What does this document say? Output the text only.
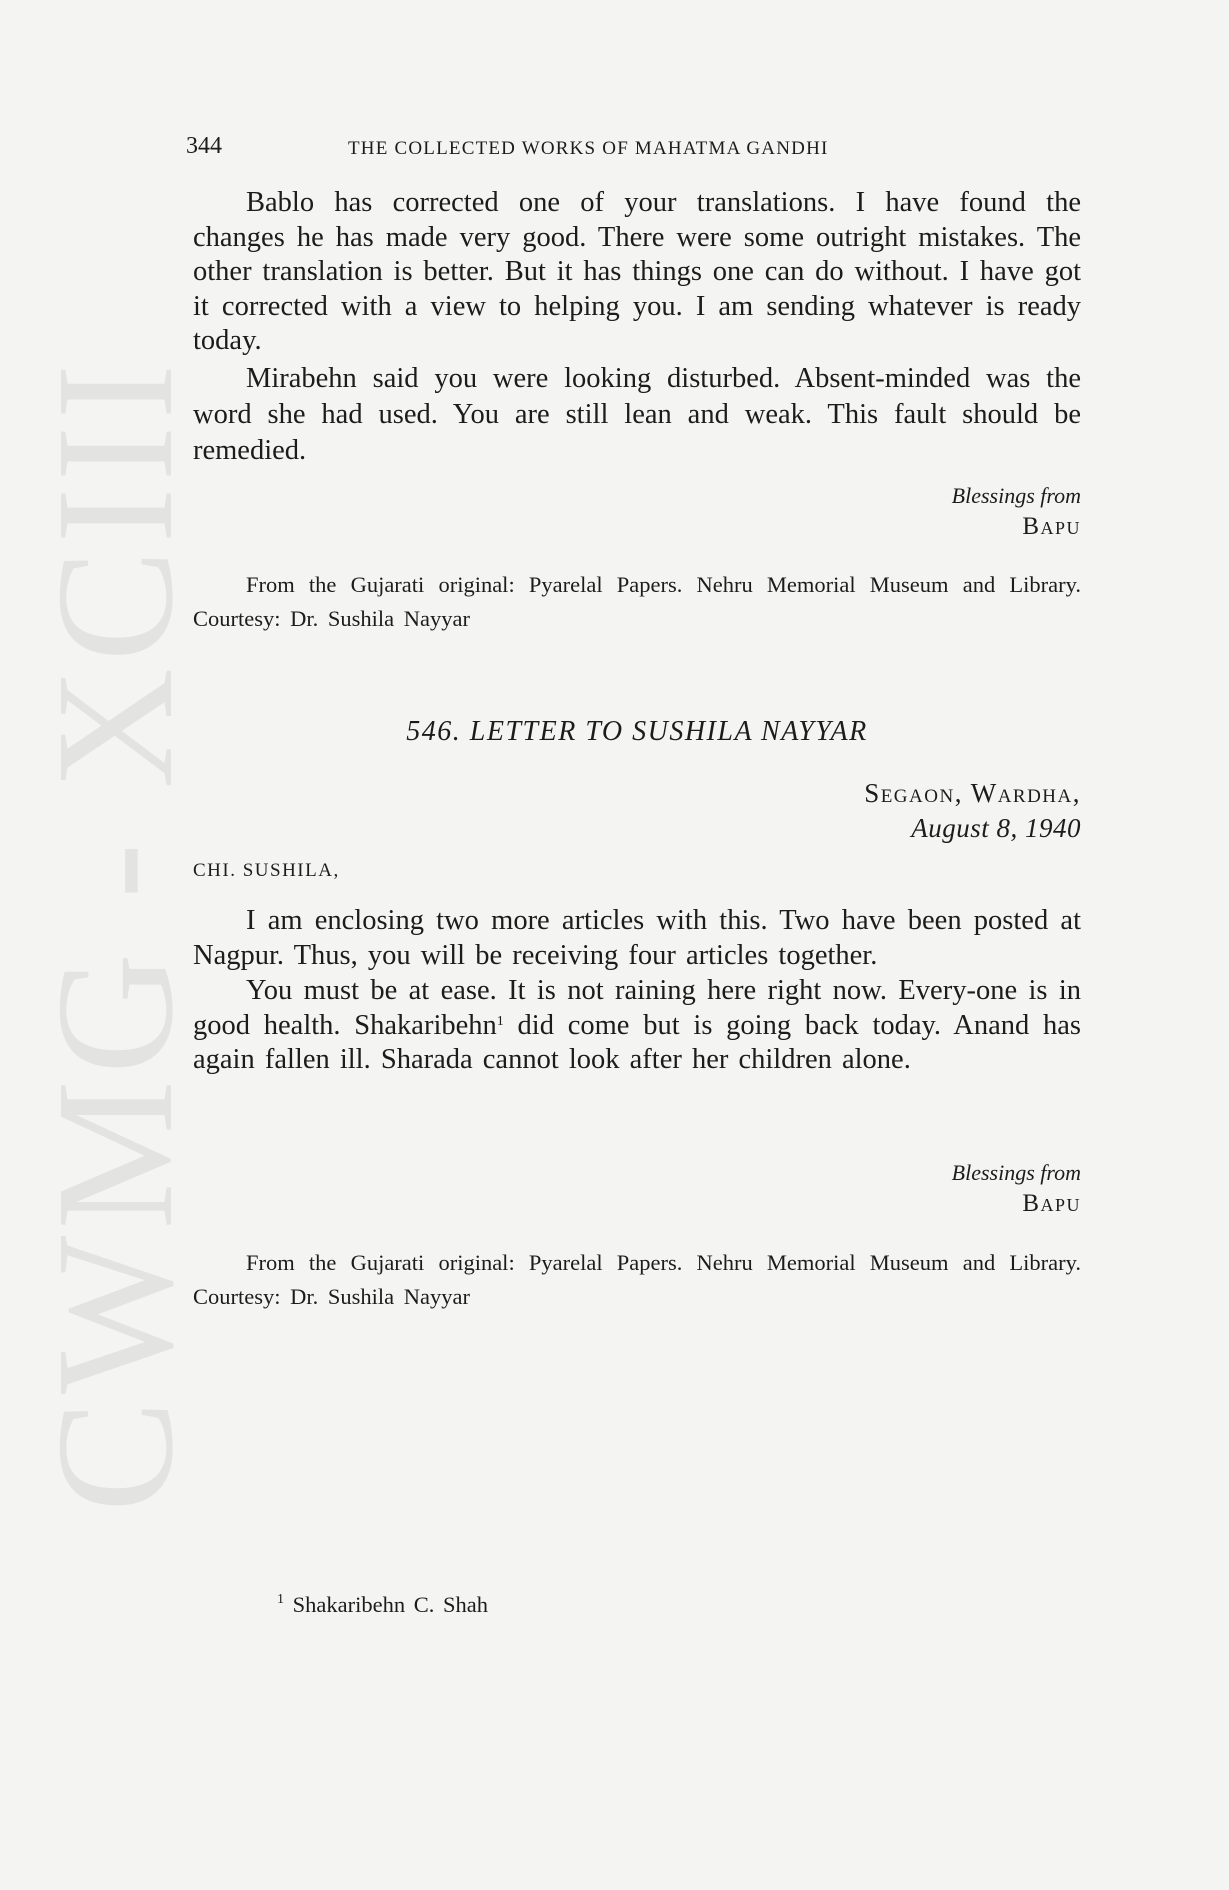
CWMG - XCIII
344	THE COLLECTED WORKS OF MAHATMA GANDHI

Bablo has corrected one of your translations. I have found the changes he has made very good. There were some outright mistakes. The other translation is better. But it has things one can do without. I have got it corrected with a view to helping you. I am sending whatever is ready today.

Mirabehn said you were looking disturbed. Absent-minded was the word she had used. You are still lean and weak. This fault should be remedied.

Blessings from
Bapu
From the Gujarati original: Pyarelal Papers. Nehru Memorial Museum and Library. Courtesy: Dr. Sushila Nayyar
546. LETTER TO SUSHILA NAYYAR
Segaon, Wardha,
August 8, 1940
CHI. SUSHILA,

I am enclosing two more articles with this. Two have been posted at Nagpur. Thus, you will be receiving four articles together.

You must be at ease. It is not raining here right now. Every-one is in good health. Shakaribehn$^1$ did come but is going back today. Anand has again fallen ill. Sharada cannot look after her children alone.

Blessings from
Bapu
From the Gujarati original: Pyarelal Papers. Nehru Memorial Museum and Library. Courtesy: Dr. Sushila Nayyar
$^1$ Shakaribehn C. Shah
